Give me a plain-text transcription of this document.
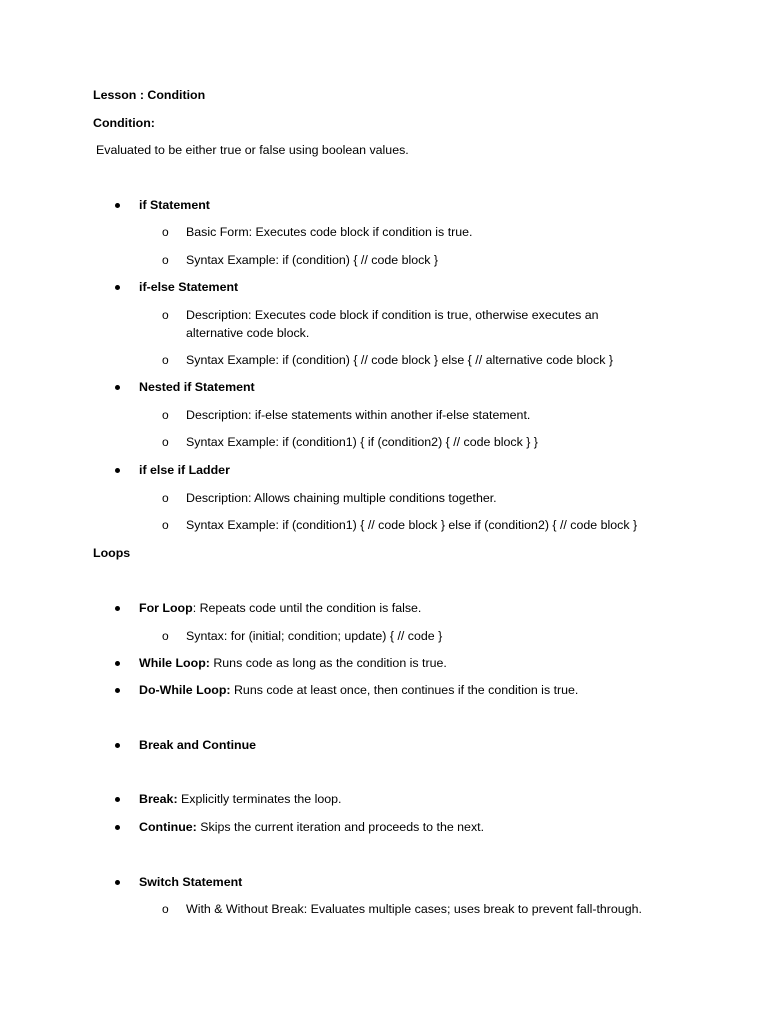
Lesson : Condition
Condition:
Evaluated to be either true or false using boolean values.
if Statement
o Basic Form: Executes code block if condition is true.
o Syntax Example: if (condition) { // code block }
if-else Statement
o Description: Executes code block if condition is true, otherwise executes an
alternative code block.
o Syntax Example: if (condition) { // code block } else { // alternative code block }
Nested if Statement
o Description: if-else statements within another if-else statement.
o Syntax Example: if (condition1) { if (condition2) { // code block } }
if else if Ladder
o Description: Allows chaining multiple conditions together.
o Syntax Example: if (condition1) { // code block } else if (condition2) { // code block }
Loops
For Loop: Repeats code until the condition is false.
o Syntax: for (initial; condition; update) { // code }
While Loop: Runs code as long as the condition is true.
Do-While Loop: Runs code at least once, then continues if the condition is true.
Break and Continue
Break: Explicitly terminates the loop.
Continue: Skips the current iteration and proceeds to the next.
Switch Statement
o With & Without Break: Evaluates multiple cases; uses break to prevent fall-through.
